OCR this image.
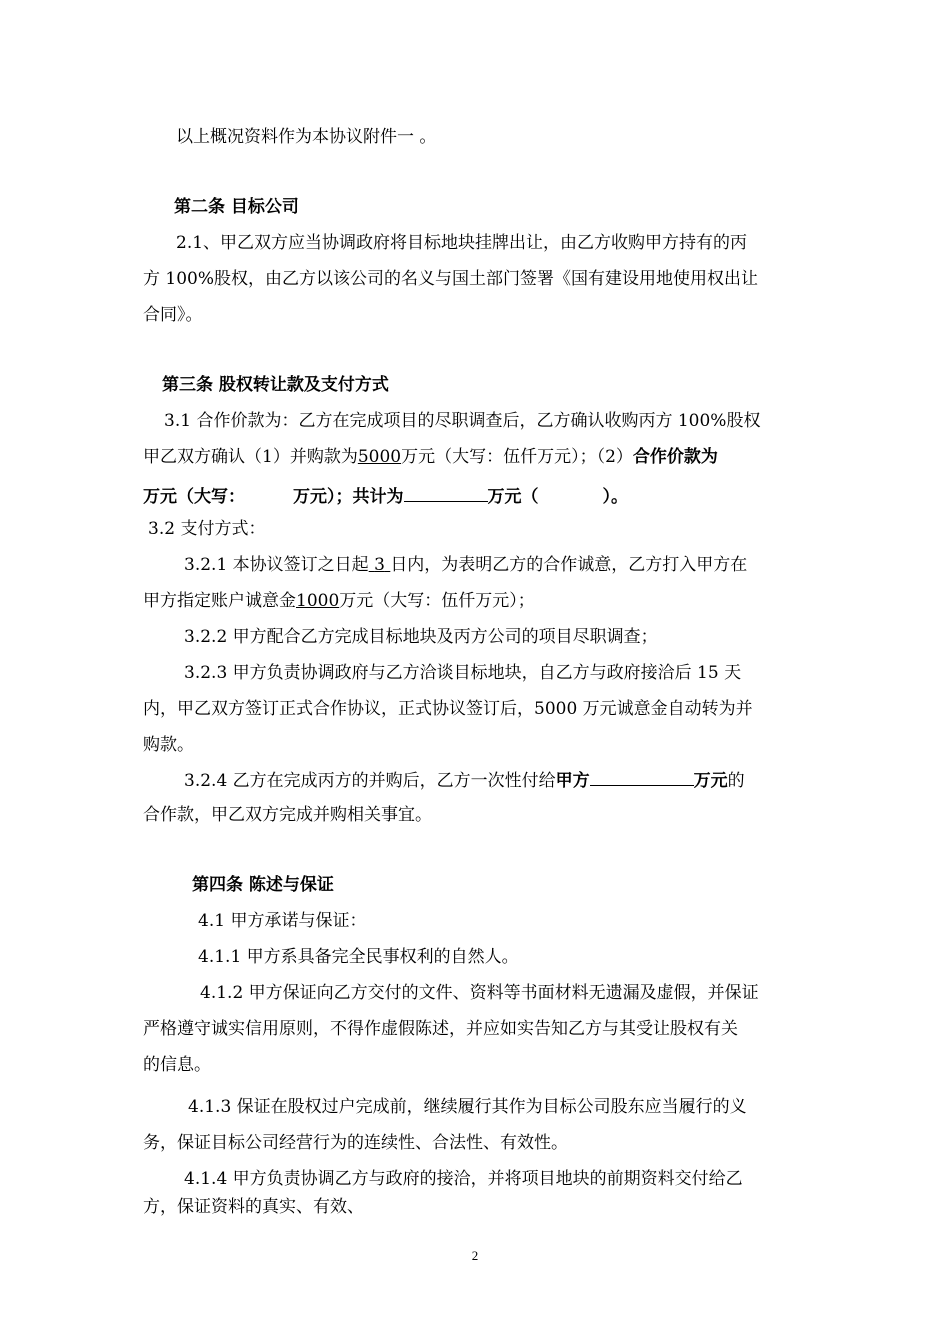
以上概况资料作为本协议附件一 。
第二条 目标公司
2.1、甲乙双方应当协调政府将目标地块挂牌出让，由乙方收购甲方持有的丙
方 100%股权，由乙方以该公司的名义与国土部门签署《国有建设用地使用权出让
合同》。
第三条 股权转让款及支付方式
3.1 合作价款为：乙方在完成项目的尽职调查后，乙方确认收购丙方 100%股权
甲乙双方确认（1）并购款为5000万元（大写：伍仟万元）；（2）合作价款为
万元（大写：	万元）；共计为	万元（	）。
3.2 支付方式：
3.2.1 本协议签订之日起 3 日内，为表明乙方的合作诚意，乙方打入甲方在
甲方指定账户诚意金1000万元（大写：伍仟万元）；
3.2.2 甲方配合乙方完成目标地块及丙方公司的项目尽职调查；
3.2.3 甲方负责协调政府与乙方洽谈目标地块，自乙方与政府接洽后 15 天
内，甲乙双方签订正式合作协议，正式协议签订后，5000 万元诚意金自动转为并
购款。
3.2.4 乙方在完成丙方的并购后，乙方一次性付给甲方	万元的
合作款，甲乙双方完成并购相关事宜。
第四条 陈述与保证
4.1 甲方承诺与保证：
4.1.1 甲方系具备完全民事权利的自然人。
4.1.2 甲方保证向乙方交付的文件、资料等书面材料无遗漏及虚假，并保证
严格遵守诚实信用原则，不得作虚假陈述，并应如实告知乙方与其受让股权有关
的信息。
4.1.3 保证在股权过户完成前，继续履行其作为目标公司股东应当履行的义
务，保证目标公司经营行为的连续性、合法性、有效性。
4.1.4 甲方负责协调乙方与政府的接洽，并将项目地块的前期资料交付给乙
方，保证资料的真实、有效、
2
